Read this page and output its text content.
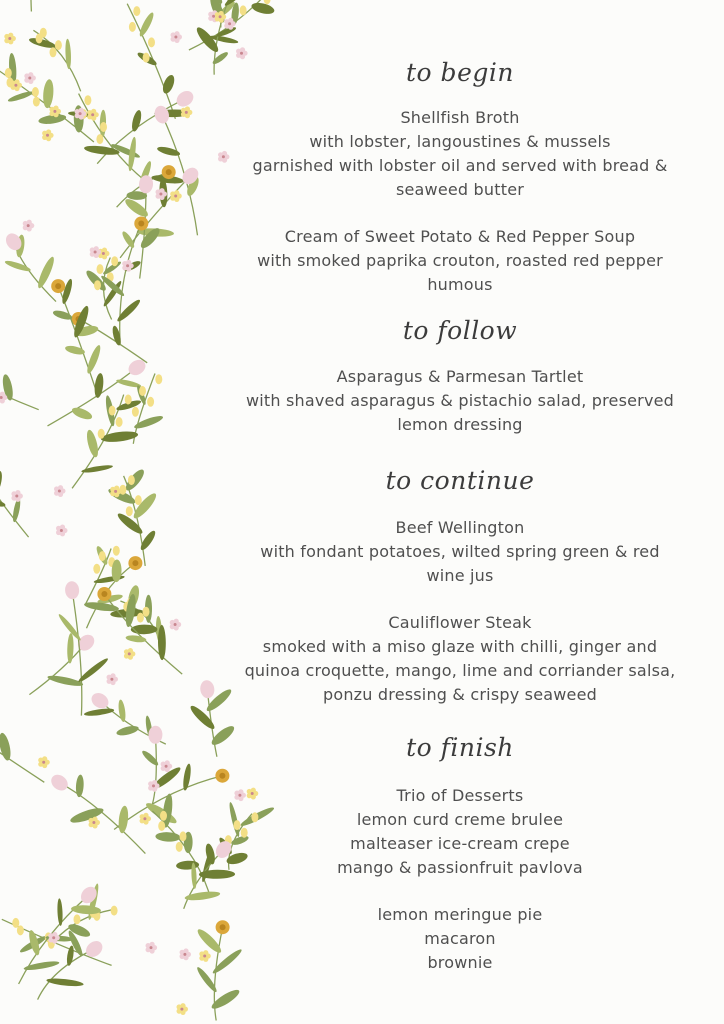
to begin
Shellfish Broth
with lobster, langoustines & mussels
garnished with lobster oil and served with bread &
seaweed butter
Cream of Sweet Potato & Red Pepper Soup
with smoked paprika crouton, roasted red pepper
humous
to follow
Asparagus & Parmesan Tartlet
with shaved asparagus & pistachio salad, preserved
lemon dressing
to continue
Beef Wellington
with fondant potatoes, wilted spring green & red
wine jus
Cauliflower Steak
smoked with a miso glaze with chilli, ginger and
quinoa croquette, mango, lime and corriander salsa,
ponzu dressing & crispy seaweed
to finish
Trio of Desserts
lemon curd creme brulee
malteaser ice-cream crepe
mango & passionfruit pavlova
lemon meringue pie
macaron
brownie
